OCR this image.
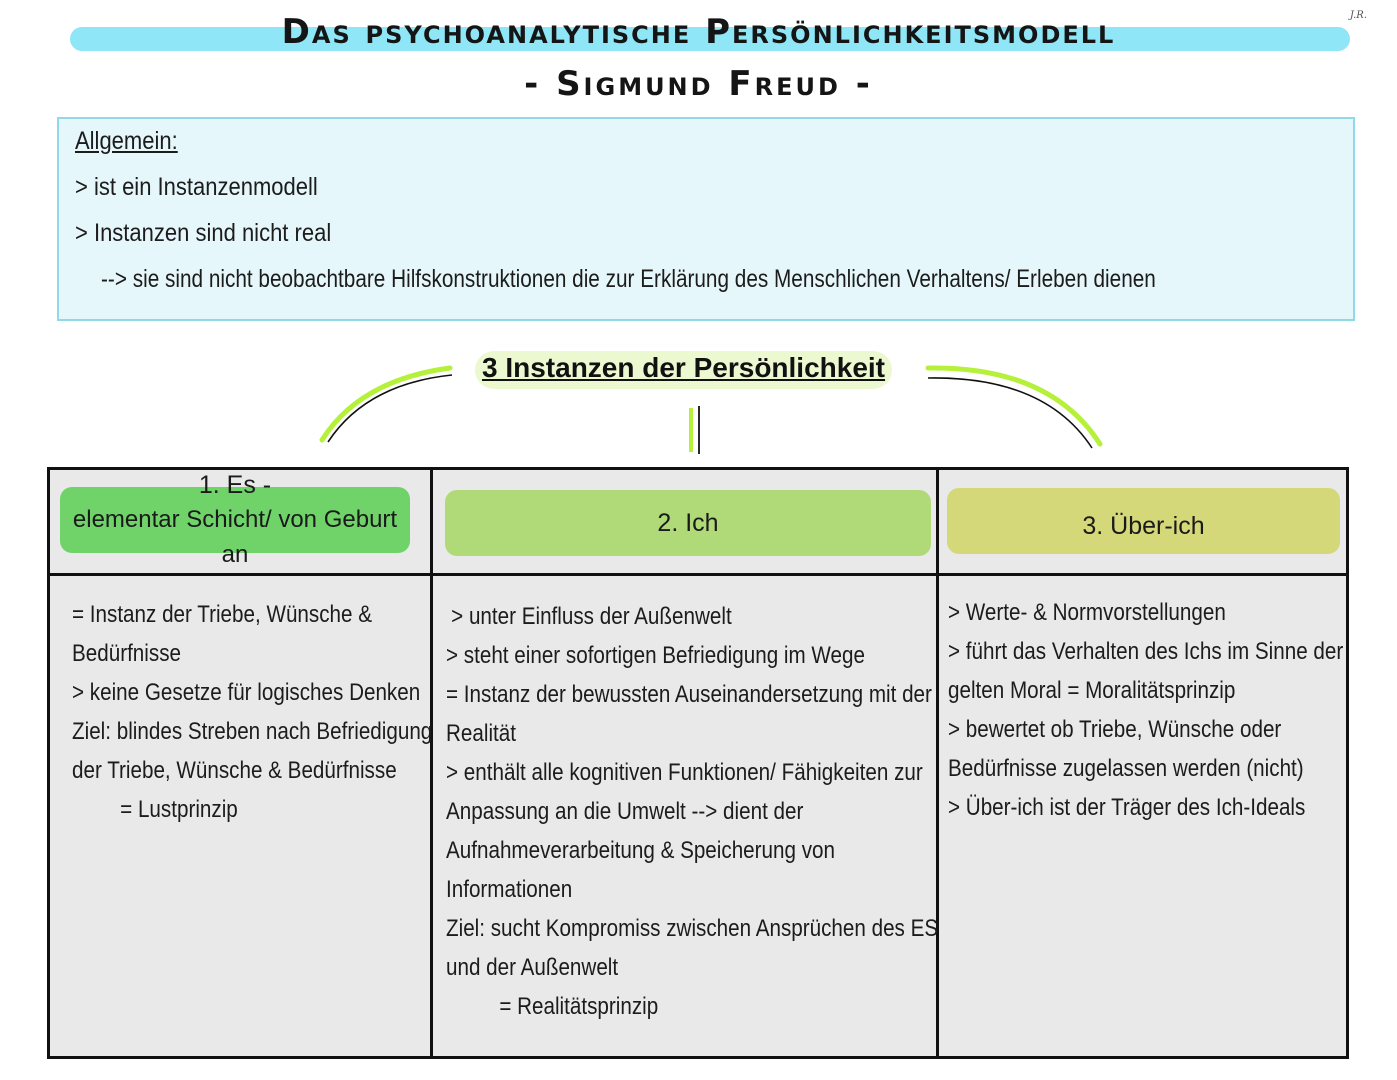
Das psychoanalytische Persönlichkeitsmodell
- Sigmund Freud -
J.R.
Allgemein:
> ist ein Instanzenmodell
> Instanzen sind nicht real
--> sie sind nicht beobachtbare Hilfskonstruktionen die zur Erklärung des Menschlichen Verhaltens/ Erleben dienen
3 Instanzen der Persönlichkeit
1. Es -
elementar Schicht/ von Geburt an
2. Ich	3. Über-ich
= Instanz der Triebe, Wünsche &
Bedürfnisse
> keine Gesetze für logisches Denken
Ziel: blindes Streben nach Befriedigung
der Triebe, Wünsche & Bedürfnisse
= Lustprinzip
> unter Einfluss der Außenwelt
> steht einer sofortigen Befriedigung im Wege
= Instanz der bewussten Auseinandersetzung mit der
Realität
> enthält alle kognitiven Funktionen/ Fähigkeiten zur
Anpassung an die Umwelt --> dient der
Aufnahmeverarbeitung & Speicherung von
Informationen
Ziel: sucht Kompromiss zwischen Ansprüchen des ES
und der Außenwelt
= Realitätsprinzip
> Werte- & Normvorstellungen
> führt das Verhalten des Ichs im Sinne der
gelten Moral = Moralitätsprinzip
> bewertet ob Triebe, Wünsche oder
Bedürfnisse zugelassen werden (nicht)
> Über-ich ist der Träger des Ich-Ideals
